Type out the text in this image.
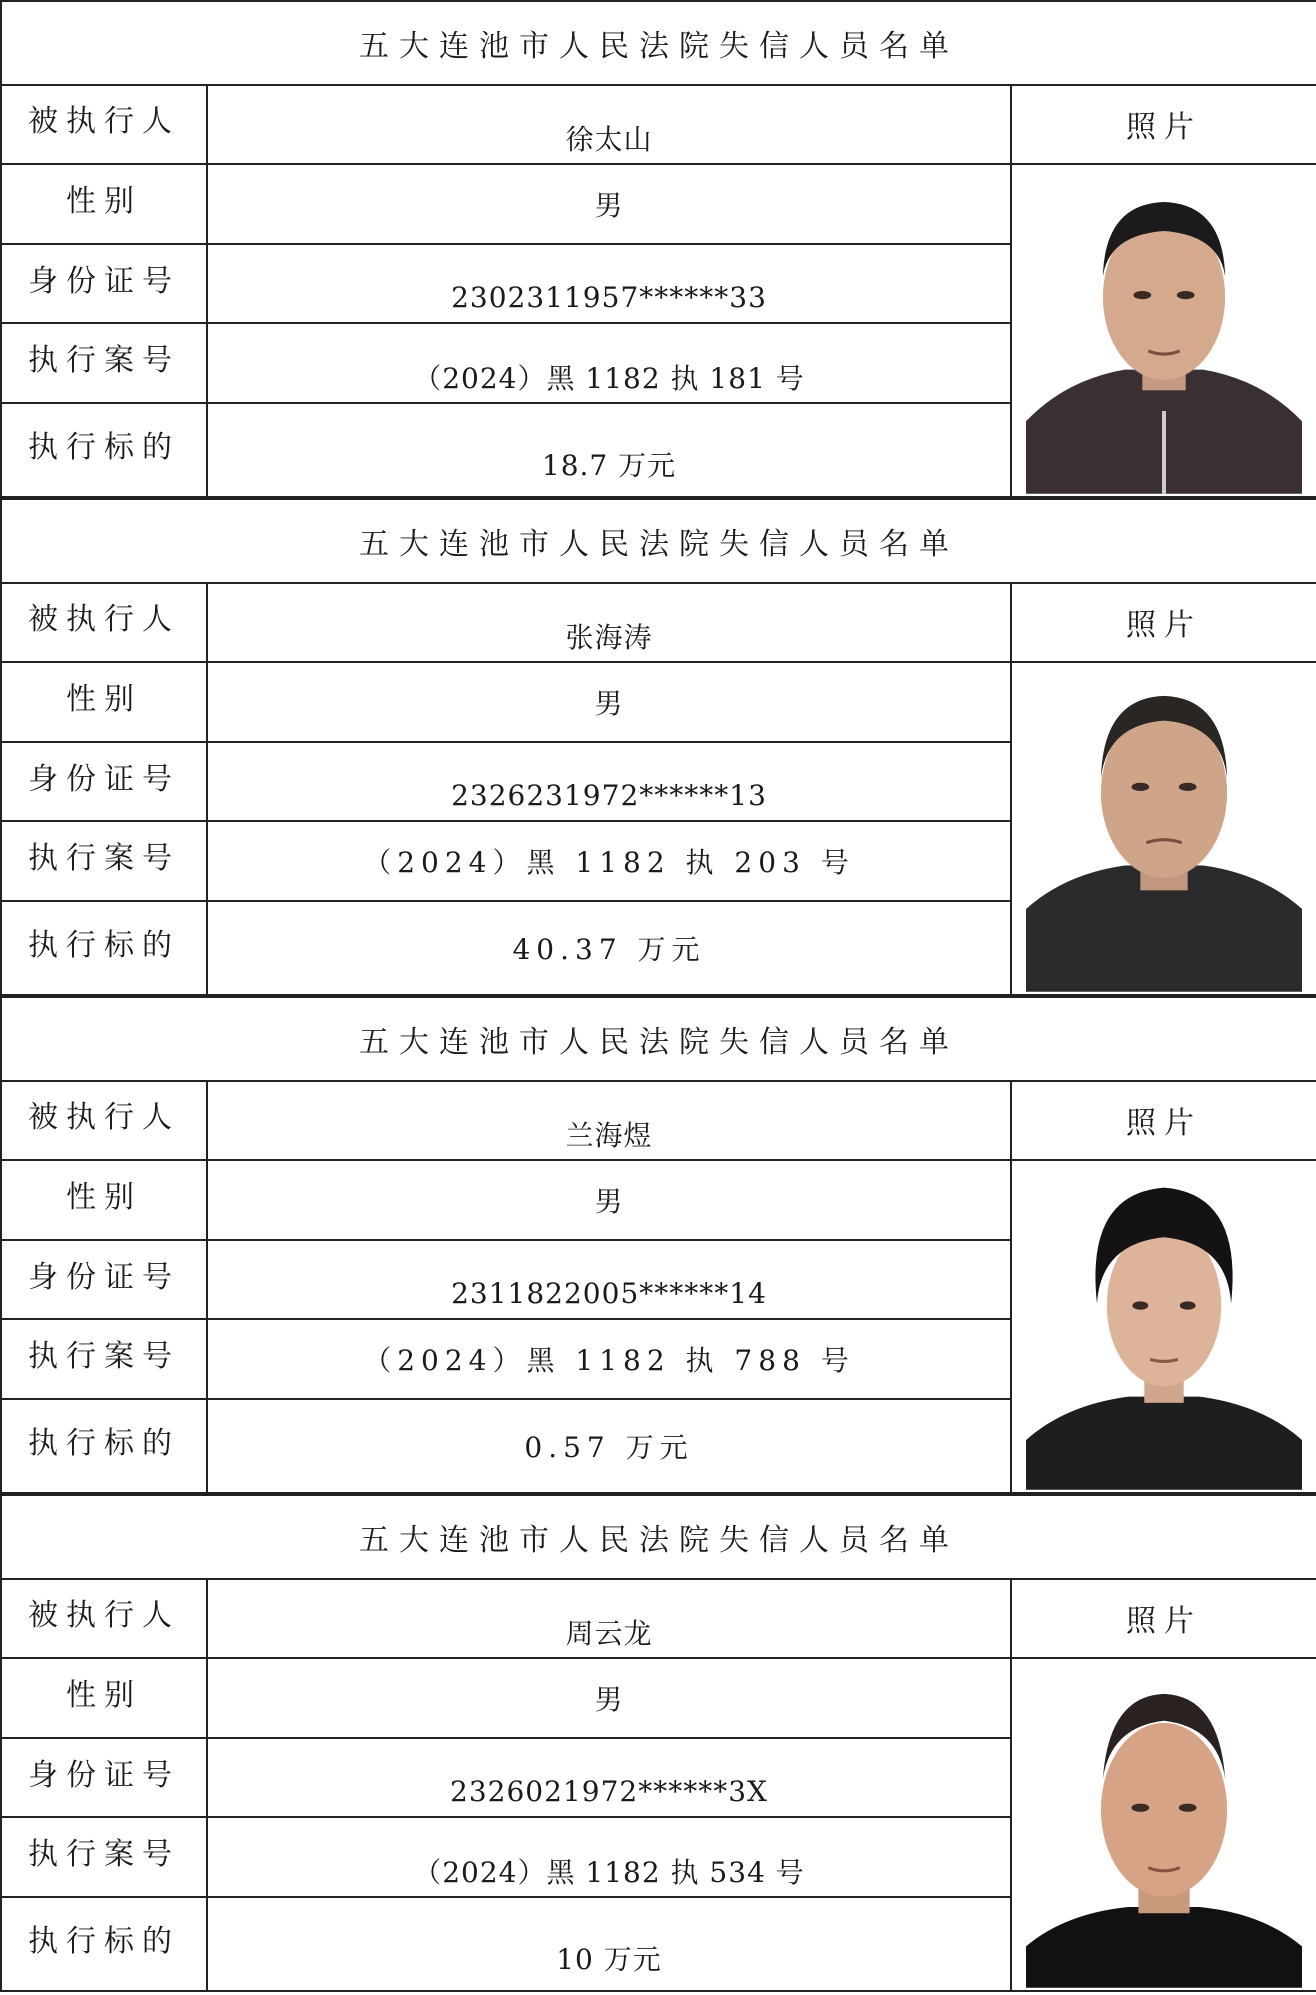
五大连池市人民法院失信人员名单		
被执行人	徐太山	照片
性别	男	

身份证号	2302311957******33	
执行案号	（2024）黑 1182 执 181 号	
执行标的	18.7 万元	
五大连池市人民法院失信人员名单		
被执行人	张海涛	照片
性别	男	

身份证号	2326231972******13	
执行案号	（2024）黑 1182 执 203 号	
执行标的	40.37 万元	
五大连池市人民法院失信人员名单		
被执行人	兰海煜	照片
性别	男	

身份证号	2311822005******14	
执行案号	（2024）黑 1182 执 788 号	
执行标的	0.57 万元	
五大连池市人民法院失信人员名单		
被执行人	周云龙	照片
性别	男	

身份证号	2326021972******3X	
执行案号	（2024）黑 1182 执 534 号	
执行标的	10 万元	
